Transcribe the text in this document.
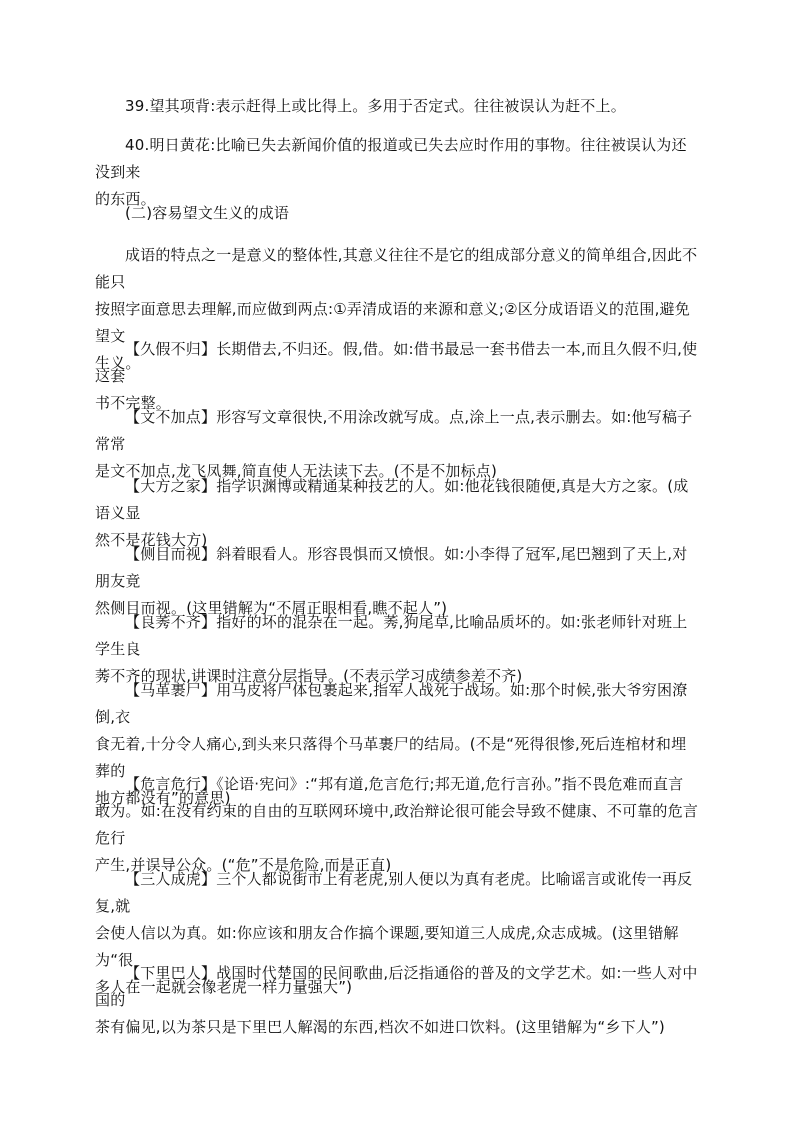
39.望其项背:表示赶得上或比得上。多用于否定式。往往被误认为赶不上。

40.明日黄花:比喻已失去新闻价值的报道或已失去应时作用的事物。往往被误认为还没到来
的东西。

(二)容易望文生义的成语

成语的特点之一是意义的整体性,其意义往往不是它的组成部分意义的简单组合,因此不能只
按照字面意思去理解,而应做到两点:①弄清成语的来源和意义;②区分成语语义的范围,避免望文
生义。

【久假不归】长期借去,不归还。假,借。如:借书最忌一套书借去一本,而且久假不归,使这套
书不完整。

【文不加点】形容写文章很快,不用涂改就写成。点,涂上一点,表示删去。如:他写稿子常常
是文不加点,龙飞凤舞,简直使人无法读下去。(不是不加标点)

【大方之家】指学识渊博或精通某种技艺的人。如:他花钱很随便,真是大方之家。(成语义显
然不是花钱大方)

【侧目而视】斜着眼看人。形容畏惧而又愤恨。如:小李得了冠军,尾巴翘到了天上,对朋友竟
然侧目而视。(这里错解为“不屑正眼相看,瞧不起人”)

【良莠不齐】指好的坏的混杂在一起。莠,狗尾草,比喻品质坏的。如:张老师针对班上学生良
莠不齐的现状,讲课时注意分层指导。(不表示学习成绩参差不齐)

【马革裹尸】用马皮将尸体包裹起来,指军人战死于战场。如:那个时候,张大爷穷困潦倒,衣
食无着,十分令人痛心,到头来只落得个马革裹尸的结局。(不是“死得很惨,死后连棺材和埋葬的
地方都没有”的意思)

【危言危行】《论语·宪问》:“邦有道,危言危行;邦无道,危行言孙。”指不畏危难而直言
敢为。如:在没有约束的自由的互联网环境中,政治辩论很可能会导致不健康、不可靠的危言危行
产生,并误导公众。(“危”不是危险,而是正直)

【三人成虎】三个人都说街市上有老虎,别人便以为真有老虎。比喻谣言或讹传一再反复,就
会使人信以为真。如:你应该和朋友合作搞个课题,要知道三人成虎,众志成城。(这里错解为“很
多人在一起就会像老虎一样力量强大”)

【下里巴人】战国时代楚国的民间歌曲,后泛指通俗的普及的文学艺术。如:一些人对中国的
茶有偏见,以为茶只是下里巴人解渴的东西,档次不如进口饮料。(这里错解为“乡下人”)
